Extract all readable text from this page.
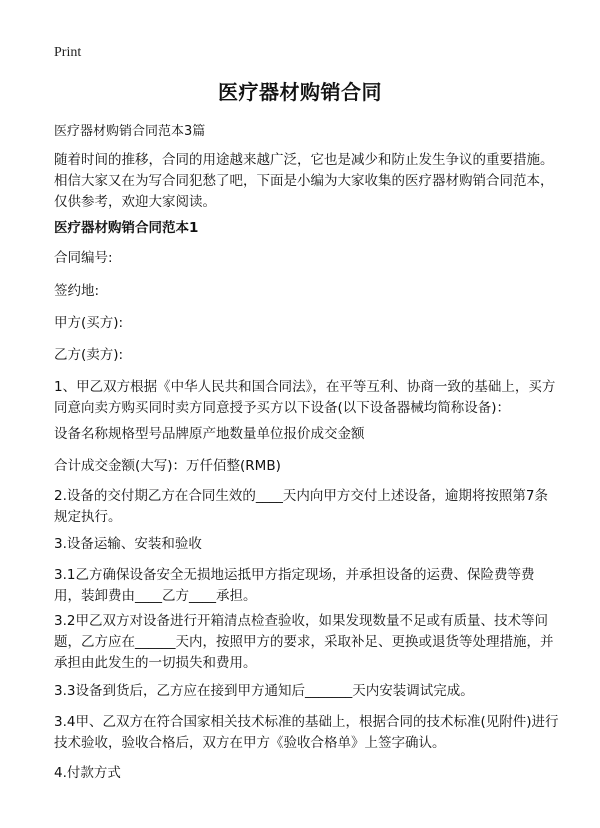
Print
医疗器材购销合同
医疗器材购销合同范本3篇
随着时间的推移，合同的用途越来越广泛，它也是减少和防止发生争议的重要措施。相信大家又在为写合同犯愁了吧，下面是小编为大家收集的医疗器材购销合同范本，仅供参考，欢迎大家阅读。
医疗器材购销合同范本1
合同编号:
签约地:
甲方(买方):
乙方(卖方):
1、甲乙双方根据《中华人民共和国合同法》，在平等互利、协商一致的基础上，买方同意向卖方购买同时卖方同意授予买方以下设备(以下设备器械均简称设备)：
设备名称规格型号品牌原产地数量单位报价成交金额
合计成交金额(大写)：万仟佰整(RMB)
2.设备的交付期乙方在合同生效的____天内向甲方交付上述设备，逾期将按照第7条规定执行。
3.设备运输、安装和验收
3.1乙方确保设备安全无损地运抵甲方指定现场，并承担设备的运费、保险费等费用，装卸费由____乙方____承担。
3.2甲乙双方对设备进行开箱清点检查验收，如果发现数量不足或有质量、技术等问题，乙方应在______天内，按照甲方的要求，采取补足、更换或退货等处理措施，并承担由此发生的一切损失和费用。
3.3设备到货后，乙方应在接到甲方通知后_______天内安装调试完成。
3.4甲、乙双方在符合国家相关技术标准的基础上，根据合同的技术标准(见附件)进行技术验收，验收合格后，双方在甲方《验收合格单》上签字确认。
4.付款方式
